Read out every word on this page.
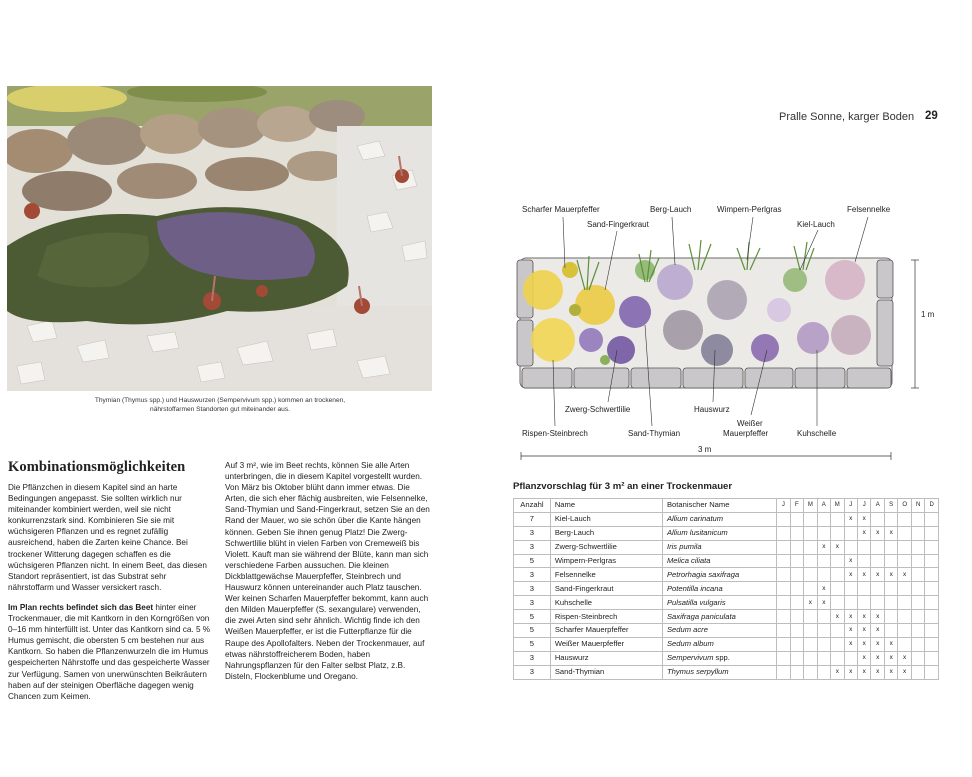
Thymian (Thymus spp.) und Hauswurzen (Sempervivum spp.) kommen an trockenen,
nährstoffarmen Standorten gut miteinander aus.
Kombinationsmöglichkeiten

Die Pflänzchen in diesem Kapitel sind an harte Bedingungen angepasst. Sie sollten wirklich nur miteinander kombiniert werden, weil sie nicht konkurrenzstark sind. Kombinieren Sie sie mit wüchsigeren Pflanzen und es regnet zufällig ausreichend, haben die Zarten keine Chance. Bei trockener Witterung dagegen schaffen es die wüchsigeren Pflanzen nicht. In einem Beet, das diesen Standort repräsentiert, ist das Substrat sehr nährstoffarm und Wasser versickert rasch.

Im Plan rechts befindet sich das Beet hinter einer Trockenmauer, die mit Kantkorn in den Korngrößen von 0–16 mm hinterfüllt ist. Unter das Kantkorn sind ca. 5 % Humus gemischt, die obersten 5 cm bestehen nur aus Kantkorn. So haben die Pflanzenwurzeln die im Humus gespeicherten Nährstoffe und das gespeicherte Wasser zur Verfügung. Samen von unerwünschten Beikräutern haben auf der steinigen Oberfläche dagegen wenig Chancen zum Keimen.

Auf 3 m², wie im Beet rechts, können Sie alle Arten unterbringen, die in diesem Kapitel vorgestellt wurden. Von März bis Oktober blüht dann immer etwas. Die Arten, die sich eher flächig ausbreiten, wie Felsennelke, Sand-Thymian und Sand-Fingerkraut, setzen Sie an den Rand der Mauer, wo sie schön über die Kante hängen können. Geben Sie ihnen genug Platz! Die Zwerg-Schwertlilie blüht in vielen Farben von Cremeweiß bis Violett. Kauft man sie während der Blüte, kann man sich verschiedene Farben aussuchen. Die kleinen Dickblattgewächse Mauerpfeffer, Steinbrech und Hauswurz können untereinander auch Platz tauschen. Wer keinen Scharfen Mauerpfeffer bekommt, kann auch den Milden Mauerpfeffer (S. sexangulare) verwenden, die zwei Arten sind sehr ähnlich. Wichtig finde ich den Weißen Mauerpfeffer, er ist die Futterpflanze für die Raupe des Apollofalters. Neben der Trockenmauer, auf etwas nährstoffreicherem Boden, haben Nahrungspflanzen für den Falter selbst Platz, z.B. Disteln, Flockenblume und Oregano.

Pralle Sonne, karger Boden 29
Scharfer Mauerpfeffer
Sand-Fingerkraut
Berg-Lauch	Wimpern-Perlgras
Kiel-Lauch
Felsennelke
Zwerg-Schwertlilie
Rispen-Steinbrech	Sand-Thymian
Hauswurz
Weißer
Mauerpfeffer	Kuhschelle
3 m
1 m
Pflanzvorschlag für 3 m² an einer Trockenmauer
Anzahl	Name	Botanischer Name	J	F	M	A	M	J	J	A	S	O	N	D
7	Kiel-Lauch	Allium carinatum						x	x					
3	Berg-Lauch	Allium lusitanicum							x	x	x			
3	Zwerg-Schwertlilie	Iris pumila				x	x							
5	Wimpern-Perlgras	Melica ciliata						x						
3	Felsennelke	Petrorhagia saxifraga						x	x	x	x	x		
3	Sand-Fingerkraut	Potentilla incana				x								
3	Kuhschelle	Pulsatilla vulgaris			x	x								
5	Rispen-Steinbrech	Saxifraga paniculata					x	x	x	x				
5	Scharfer Mauerpfeffer	Sedum acre						x	x	x				
5	Weißer Mauerpfeffer	Sedum album						x	x	x	x			
3	Hauswurz	Sempervivum spp.							x	x	x	x		
3	Sand-Thymian	Thymus serpyllum					x	x	x	x	x	x		
